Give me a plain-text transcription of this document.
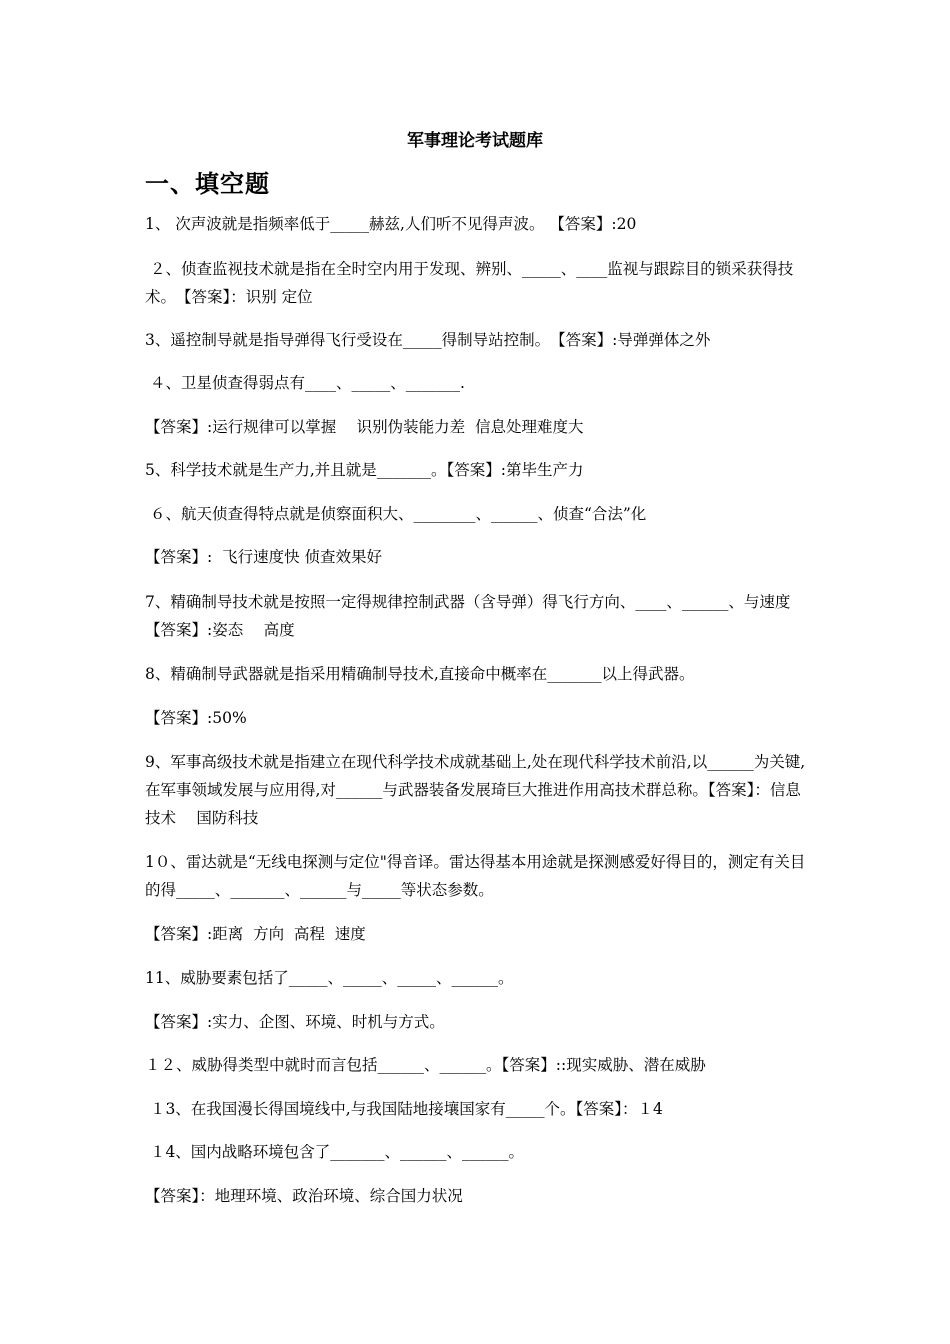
军事理论考试题库
一、填空题
1、 次声波就是指频率低于_____赫兹,人们听不见得声波。 【答案】:20
２、侦查监视技术就是指在全时空内用于发现、辨别、_____、____监视与跟踪目的锁采获得技术。　【答案】：识别 定位
3、遥控制导就是指导弹得飞行受设在_____得制导站控制。　【答案】:导弹弹体之外
４、卫星侦查得弱点有____、_____、_______.
【答案】:运行规律可以掌握　 识别伪装能力差  信息处理难度大
5、科学技术就是生产力,并且就是_______。【答案】:第毕生产力
６、航天侦查得特点就是侦察面积大、________、______、侦查“合法”化
【答案】:  飞行速度快 侦查效果好
7、精确制导技术就是按照一定得规律控制武器（含导弹）得飞行方向、____、______、与速度 【答案】:姿态　 高度
8、精确制导武器就是指采用精确制导技术,直接命中概率在_______以上得武器。
【答案】:50%
9、军事高级技术就是指建立在现代科学技术成就基础上,处在现代科学技术前沿,以______为关键,在军事领域发展与应用得,对______与武器装备发展琦巨大推进作用高技术群总称。【答案】：信息技术　 国防科技
1０、雷达就是“无线电探测与定位"得音译。雷达得基本用途就是探测感爱好得目的，测定有关目的得_____、_______、______与_____等状态参数。
【答案】:距离  方向  高程  速度
11、威胁要素包括了_____、_____、_____、______。
【答案】:实力、企图、环境、时机与方式。
１２、威胁得类型中就时而言包括______、______。【答案】::现实威胁、潜在威胁
１3、在我国漫长得国境线中,与我国陆地接壤国家有_____个。【答案】：１4
１4、国内战略环境包含了_______、______、______。
【答案】：地理环境、政治环境、综合国力状况
